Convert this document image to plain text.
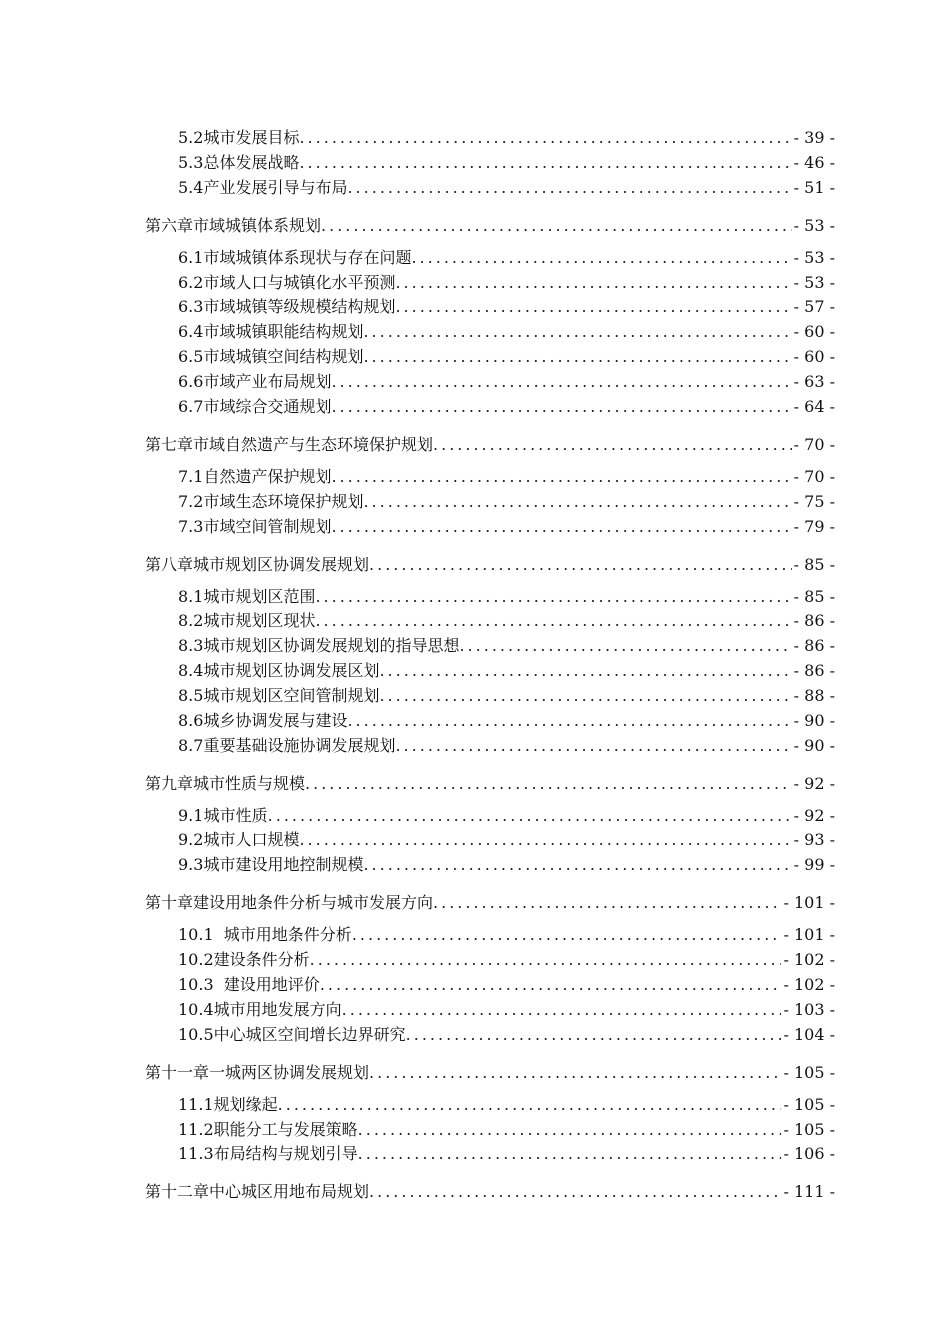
5.2 城市发展目标 .....	- 39 -
5.3 总体发展战略 .....	- 46 -
5.4 产业发展引导与布局 .....	- 51 -
第六章 市域城镇体系规划 .....	- 53 -
6.1 市域城镇体系现状与存在问题 .....	- 53 -
6.2 市域人口与城镇化水平预测 .....	- 53 -
6.3 市域城镇等级规模结构规划 .....	- 57 -
6.4 市域城镇职能结构规划 .....	- 60 -
6.5 市域城镇空间结构规划 .....	- 60 -
6.6 市域产业布局规划 .....	- 63 -
6.7 市域综合交通规划 .....	- 64 -
第七章 市域自然遗产与生态环境保护规划 .....	- 70 -
7.1 自然遗产保护规划 .....	- 70 -
7.2 市域生态环境保护规划 .....	- 75 -
7.3 市域空间管制规划 .....	- 79 -
第八章 城市规划区协调发展规划 .....	- 85 -
8.1 城市规划区范围 .....	- 85 -
8.2 城市规划区现状 .....	- 86 -
8.3 城市规划区协调发展规划的指导思想 .....	- 86 -
8.4 城市规划区协调发展区划 .....	- 86 -
8.5 城市规划区空间管制规划 .....	- 88 -
8.6 城乡协调发展与建设 .....	- 90 -
8.7 重要基础设施协调发展规划 .....	- 90 -
第九章 城市性质与规模 .....	- 92 -
9.1 城市性质 .....	- 92 -
9.2 城市人口规模 .....	- 93 -
9.3 城市建设用地控制规模 .....	- 99 -
第十章 建设用地条件分析与城市发展方向 .....	- 101 -
10.1 城市用地条件分析 .....	- 101 -
10.2 建设条件分析 .....	- 102 -
10.3 建设用地评价 .....	- 102 -
10.4 城市用地发展方向 .....	- 103 -
10.5 中心城区空间增长边界研究 .....	- 104 -
第十一章 一城两区协调发展规划 .....	- 105 -
11.1 规划缘起 .....	- 105 -
11.2 职能分工与发展策略 .....	- 105 -
11.3 布局结构与规划引导 .....	- 106 -
第十二章 中心城区用地布局规划 .....	- 111 -
